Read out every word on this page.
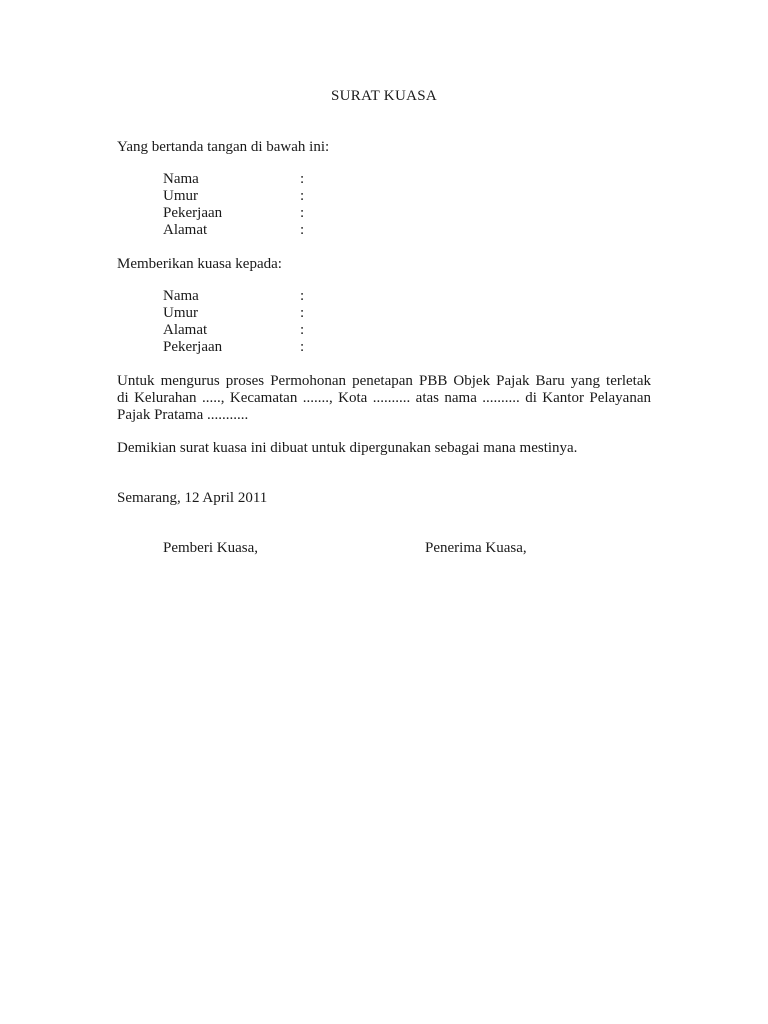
SURAT KUASA
Yang bertanda tangan di bawah ini:
Nama	:
Umur	:
Pekerjaan	:
Alamat	:
Memberikan kuasa kepada:
Nama	:
Umur	:
Alamat	:
Pekerjaan	:
Untuk mengurus proses Permohonan penetapan PBB Objek Pajak Baru yang terletak
di Kelurahan ....., Kecamatan ......., Kota .......... atas nama .......... di Kantor Pelayanan
Pajak Pratama ...........
Demikian surat kuasa ini dibuat untuk dipergunakan sebagai mana mestinya.
Semarang, 12 April 2011
Pemberi Kuasa,	Penerima Kuasa,
